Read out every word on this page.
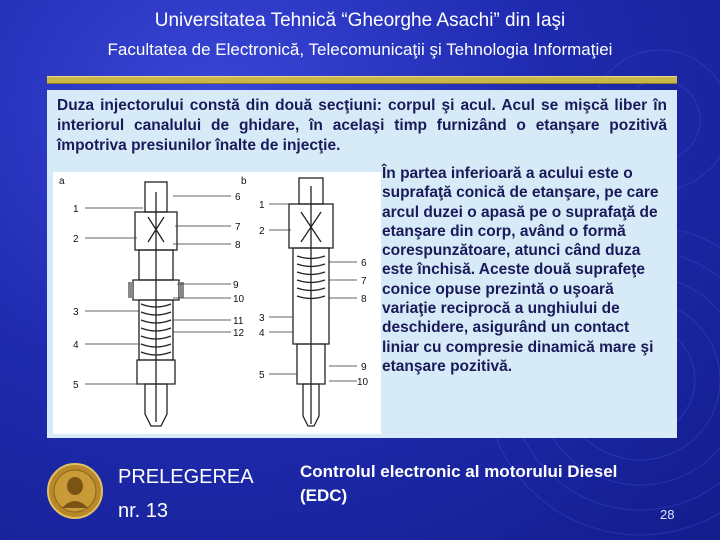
Universitatea Tehnică “Gheorghe Asachi” din Iaşi
Facultatea de Electronică, Telecomunicaţii şi Tehnologia Informaţiei
Duza injectorului constă din două secţiuni: corpul şi acul. Acul se mişcă liber în interiorul canalului de ghidare, în acelaşi timp furnizând o etanşare pozitivă împotriva presiunilor înalte de injecţie.
a
1
2
3
4
5
6
7
8
9
10
11
12
b
1
2
3
4
5
6
7
8
9
10
În partea inferioară a acului este o suprafaţă conică de etanşare, pe care arcul duzei o apasă pe o suprafaţă de etanşare din corp, având o formă corespunzătoare, atunci când duza este închisă. Aceste două suprafeţe conice opuse prezintă o uşoară variaţie reciprocă a unghiului de deschidere, asigurând un contact liniar cu compresie dinamică mare şi etanşare pozitivă.
PRELEGEREA
nr. 13
Controlul electronic al motorului Diesel (EDC)
28
